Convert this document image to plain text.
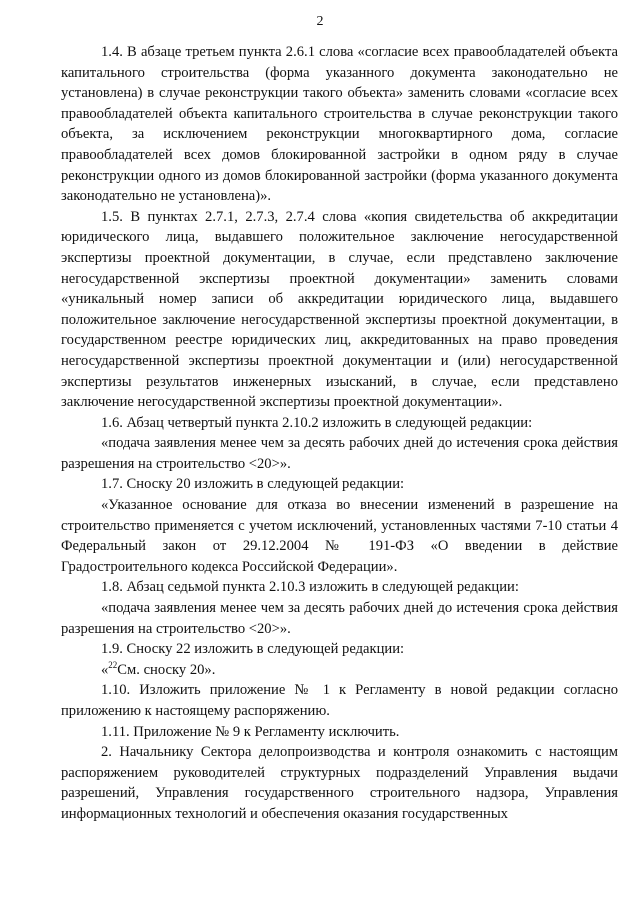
2

1.4. В абзаце третьем пункта 2.6.1 слова «согласие всех правообладателей объекта капитального строительства (форма указанного документа законодательно не установлена) в случае реконструкции такого объекта» заменить словами «согласие всех правообладателей объекта капитального строительства в случае реконструкции такого объекта, за исключением реконструкции многоквартирного дома, согласие правообладателей всех домов блокированной застройки в одном ряду в случае реконструкции одного из домов блокированной застройки (форма указанного документа законодательно не установлена)».

1.5. В пунктах 2.7.1, 2.7.3, 2.7.4 слова «копия свидетельства об аккредитации юридического лица, выдавшего положительное заключение негосударственной экспертизы проектной документации, в случае, если представлено заключение негосударственной экспертизы проектной документации» заменить словами «уникальный номер записи об аккредитации юридического лица, выдавшего положительное заключение негосударственной экспертизы проектной документации, в государственном реестре юридических лиц, аккредитованных на право проведения негосударственной экспертизы проектной документации и (или) негосударственной экспертизы результатов инженерных изысканий, в случае, если представлено заключение негосударственной экспертизы проектной документации».

1.6. Абзац четвертый пункта 2.10.2 изложить в следующей редакции:

«подача заявления менее чем за десять рабочих дней до истечения срока действия разрешения на строительство <20>».

1.7. Сноску 20 изложить в следующей редакции:

«Указанное основание для отказа во внесении изменений в разрешение на строительство применяется с учетом исключений, установленных частями 7-10 статьи 4 Федеральный закон от 29.12.2004 № 191-ФЗ «О введении в действие Градостроительного кодекса Российской Федерации».

1.8. Абзац седьмой пункта 2.10.3 изложить в следующей редакции:

«подача заявления менее чем за десять рабочих дней до истечения срока действия разрешения на строительство <20>».

1.9. Сноску 22 изложить в следующей редакции:

«$^{22}$См. сноску 20».

1.10. Изложить приложение № 1 к Регламенту в новой редакции согласно приложению к настоящему распоряжению.

1.11. Приложение № 9 к Регламенту исключить.

2. Начальнику Сектора делопроизводства и контроля ознакомить с настоящим распоряжением руководителей структурных подразделений Управления выдачи разрешений, Управления государственного строительного надзора, Управления информационных технологий и обеспечения оказания государственных
